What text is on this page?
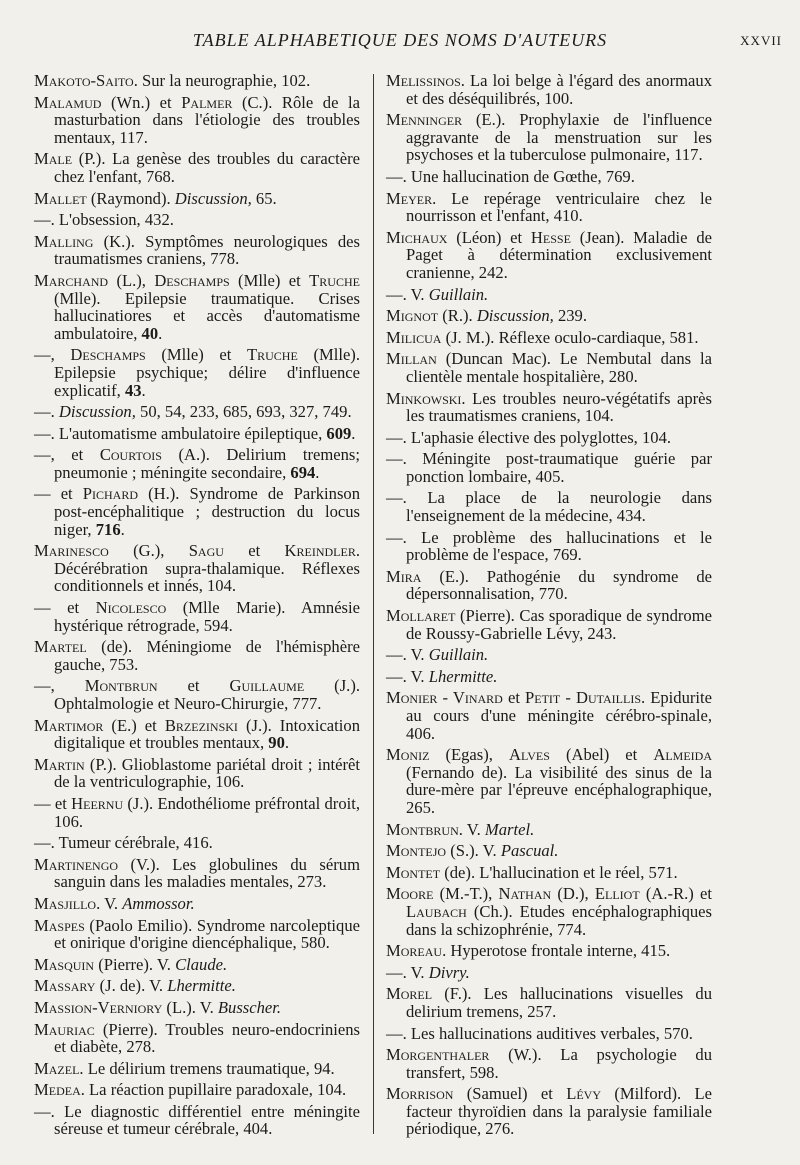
TABLE ALPHABETIQUE DES NOMS D'AUTEURS	XXVII
Makoto-Saito. Sur la neurographie, 102.
Malamud (Wn.) et Palmer (C.). Rôle de la masturbation dans l'étiologie des troubles mentaux, 117.
Male (P.). La genèse des troubles du caractère chez l'enfant, 768.
Mallet (Raymond). Discussion, 65.
—. L'obsession, 432.
Malling (K.). Symptômes neurologiques des traumatismes craniens, 778.
Marchand (L.), Deschamps (Mlle) et Truche (Mlle). Epilepsie traumatique. Crises hallucinatiores et accès d'automatisme ambulatoire, 40.
—, Deschamps (Mlle) et Truche (Mlle). Epilepsie psychique; délire d'influence explicatif, 43.
—. Discussion, 50, 54, 233, 685, 693, 327, 749.
—. L'automatisme ambulatoire épileptique, 609.
—, et Courtois (A.). Delirium tremens; pneumonie ; méningite secondaire, 694.
— et Pichard (H.). Syndrome de Parkinson post-encéphalitique ; destruction du locus niger, 716.
Marinesco (G.), Sagu et Kreindler. Décérébration supra-thalamique. Réflexes conditionnels et innés, 104.
— et Nicolesco (Mlle Marie). Amnésie hystérique rétrograde, 594.
Martel (de). Méningiome de l'hémisphère gauche, 753.
—, Montbrun et Guillaume (J.). Ophtalmologie et Neuro-Chirurgie, 777.
Martimor (E.) et Brzezinski (J.). Intoxication digitalique et troubles mentaux, 90.
Martin (P.). Glioblastome pariétal droit ; intérêt de la ventriculographie, 106.
— et Heernu (J.). Endothéliome préfrontal droit, 106.
—. Tumeur cérébrale, 416.
Martinengo (V.). Les globulines du sérum sanguin dans les maladies mentales, 273.
Masjillo. V. Ammossor.
Maspes (Paolo Emilio). Syndrome narcoleptique et onirique d'origine diencéphalique, 580.
Masquin (Pierre). V. Claude.
Massary (J. de). V. Lhermitte.
Massion-Verniory (L.). V. Busscher.
Mauriac (Pierre). Troubles neuro-endocriniens et diabète, 278.
Mazel. Le délirium tremens traumatique, 94.
Medea. La réaction pupillaire paradoxale, 104.
—. Le diagnostic différentiel entre méningite séreuse et tumeur cérébrale, 404.
Melissinos. La loi belge à l'égard des anormaux et des déséquilibrés, 100.
Menninger (E.). Prophylaxie de l'influence aggravante de la menstruation sur les psychoses et la tuberculose pulmonaire, 117.
—. Une hallucination de Gœthe, 769.
Meyer. Le repérage ventriculaire chez le nourrisson et l'enfant, 410.
Michaux (Léon) et Hesse (Jean). Maladie de Paget à détermination exclusivement cranienne, 242.
—. V. Guillain.
Mignot (R.). Discussion, 239.
Milicua (J. M.). Réflexe oculo-cardiaque, 581.
Millan (Duncan Mac). Le Nembutal dans la clientèle mentale hospitalière, 280.
Minkowski. Les troubles neuro-végétatifs après les traumatismes craniens, 104.
—. L'aphasie élective des polyglottes, 104.
—. Méningite post-traumatique guérie par ponction lombaire, 405.
—. La place de la neurologie dans l'enseignement de la médecine, 434.
—. Le problème des hallucinations et le problème de l'espace, 769.
Mira (E.). Pathogénie du syndrome de dépersonnalisation, 770.
Mollaret (Pierre). Cas sporadique de syndrome de Roussy-Gabrielle Lévy, 243.
—. V. Guillain.
—. V. Lhermitte.
Monier - Vinard et Petit - Dutaillis. Epidurite au cours d'une méningite cérébro-spinale, 406.
Moniz (Egas), Alves (Abel) et Almeida (Fernando de). La visibilité des sinus de la dure-mère par l'épreuve encéphalographique, 265.
Montbrun. V. Martel.
Montejo (S.). V. Pascual.
Montet (de). L'hallucination et le réel, 571.
Moore (M.-T.), Nathan (D.), Elliot (A.-R.) et Laubach (Ch.). Etudes encéphalographiques dans la schizophrénie, 774.
Moreau. Hyperotose frontale interne, 415.
—. V. Divry.
Morel (F.). Les hallucinations visuelles du delirium tremens, 257.
—. Les hallucinations auditives verbales, 570.
Morgenthaler (W.). La psychologie du transfert, 598.
Morrison (Samuel) et Lévy (Milford). Le facteur thyroïdien dans la paralysie familiale périodique, 276.
